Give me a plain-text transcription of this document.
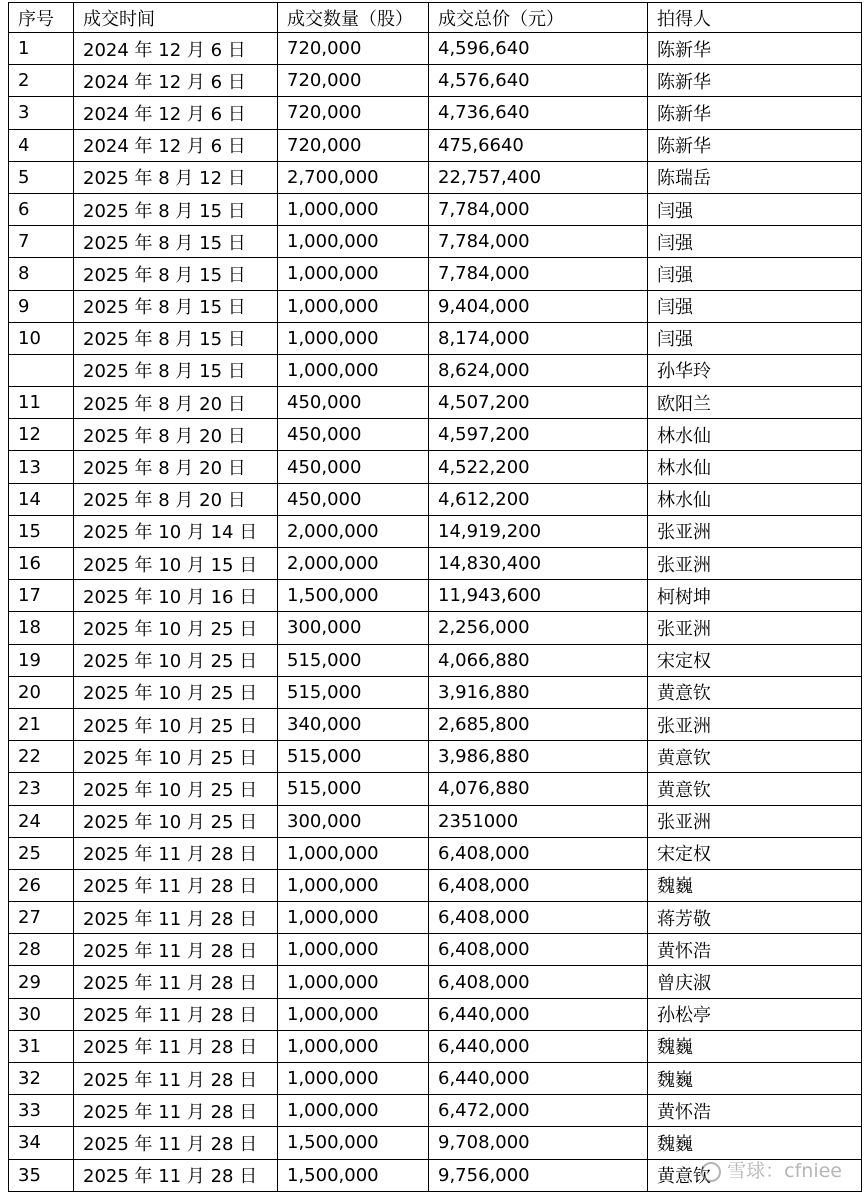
序号	成交时间	成交数量（股）	成交总价（元）	拍得人
1	2024 年 12 月 6 日	720,000	4,596,640	陈新华
2	2024 年 12 月 6 日	720,000	4,576,640	陈新华
3	2024 年 12 月 6 日	720,000	4,736,640	陈新华
4	2024 年 12 月 6 日	720,000	475,6640	陈新华
5	2025 年 8 月 12 日	2,700,000	22,757,400	陈瑞岳
6	2025 年 8 月 15 日	1,000,000	7,784,000	闫强
7	2025 年 8 月 15 日	1,000,000	7,784,000	闫强
8	2025 年 8 月 15 日	1,000,000	7,784,000	闫强
9	2025 年 8 月 15 日	1,000,000	9,404,000	闫强
10	2025 年 8 月 15 日	1,000,000	8,174,000	闫强
	2025 年 8 月 15 日	1,000,000	8,624,000	孙华玲
11	2025 年 8 月 20 日	450,000	4,507,200	欧阳兰
12	2025 年 8 月 20 日	450,000	4,597,200	林水仙
13	2025 年 8 月 20 日	450,000	4,522,200	林水仙
14	2025 年 8 月 20 日	450,000	4,612,200	林水仙
15	2025 年 10 月 14 日	2,000,000	14,919,200	张亚洲
16	2025 年 10 月 15 日	2,000,000	14,830,400	张亚洲
17	2025 年 10 月 16 日	1,500,000	11,943,600	柯树坤
18	2025 年 10 月 25 日	300,000	2,256,000	张亚洲
19	2025 年 10 月 25 日	515,000	4,066,880	宋定权
20	2025 年 10 月 25 日	515,000	3,916,880	黄意钦
21	2025 年 10 月 25 日	340,000	2,685,800	张亚洲
22	2025 年 10 月 25 日	515,000	3,986,880	黄意钦
23	2025 年 10 月 25 日	515,000	4,076,880	黄意钦
24	2025 年 10 月 25 日	300,000	2351000	张亚洲
25	2025 年 11 月 28 日	1,000,000	6,408,000	宋定权
26	2025 年 11 月 28 日	1,000,000	6,408,000	魏巍
27	2025 年 11 月 28 日	1,000,000	6,408,000	蒋芳敬
28	2025 年 11 月 28 日	1,000,000	6,408,000	黄怀浩
29	2025 年 11 月 28 日	1,000,000	6,408,000	曾庆淑
30	2025 年 11 月 28 日	1,000,000	6,440,000	孙松亭
31	2025 年 11 月 28 日	1,000,000	6,440,000	魏巍
32	2025 年 11 月 28 日	1,000,000	6,440,000	魏巍
33	2025 年 11 月 28 日	1,000,000	6,472,000	黄怀浩
34	2025 年 11 月 28 日	1,500,000	9,708,000	魏巍
35	2025 年 11 月 28 日	1,500,000	9,756,000	黄意钦 雪球：cfniee
